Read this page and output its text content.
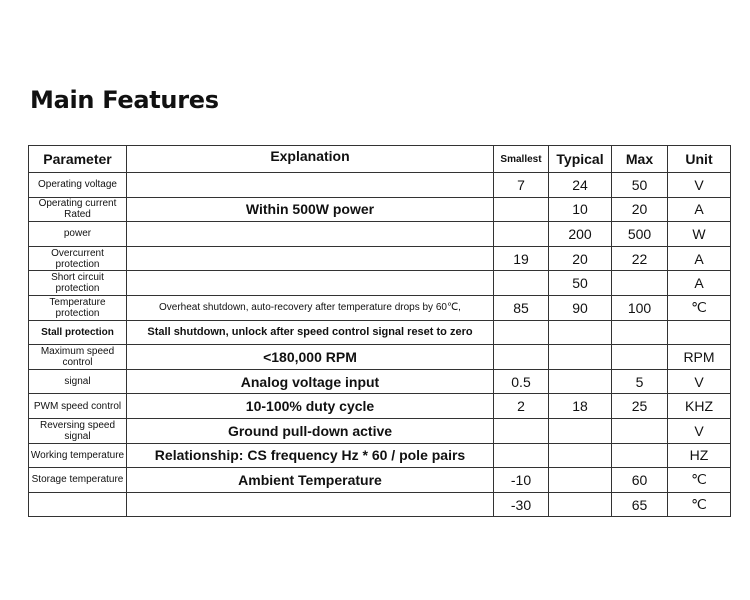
Main Features
Parameter	Explanation	Smallest	Typical	Max	Unit
Operating voltage		7	24	50	V
Operating current Rated	Within 500W power		10	20	A
power			200	500	W
Overcurrent protection		19	20	22	A
Short circuit protection			50		A
Temperature protection	Overheat shutdown, auto-recovery after temperature drops by 60℃,	85	90	100	℃
Stall protection	Stall shutdown, unlock after speed control signal reset to zero				
Maximum speed control	<180,000 RPM				RPM
signal	Analog voltage input	0.5		5	V
PWM speed control	10-100% duty cycle	2	18	25	KHZ
Reversing speed signal	Ground pull-down active				V
Working temperature	Relationship: CS frequency Hz * 60 / pole pairs				HZ
Storage temperature	Ambient Temperature	-10		60	℃
		-30		65	℃
